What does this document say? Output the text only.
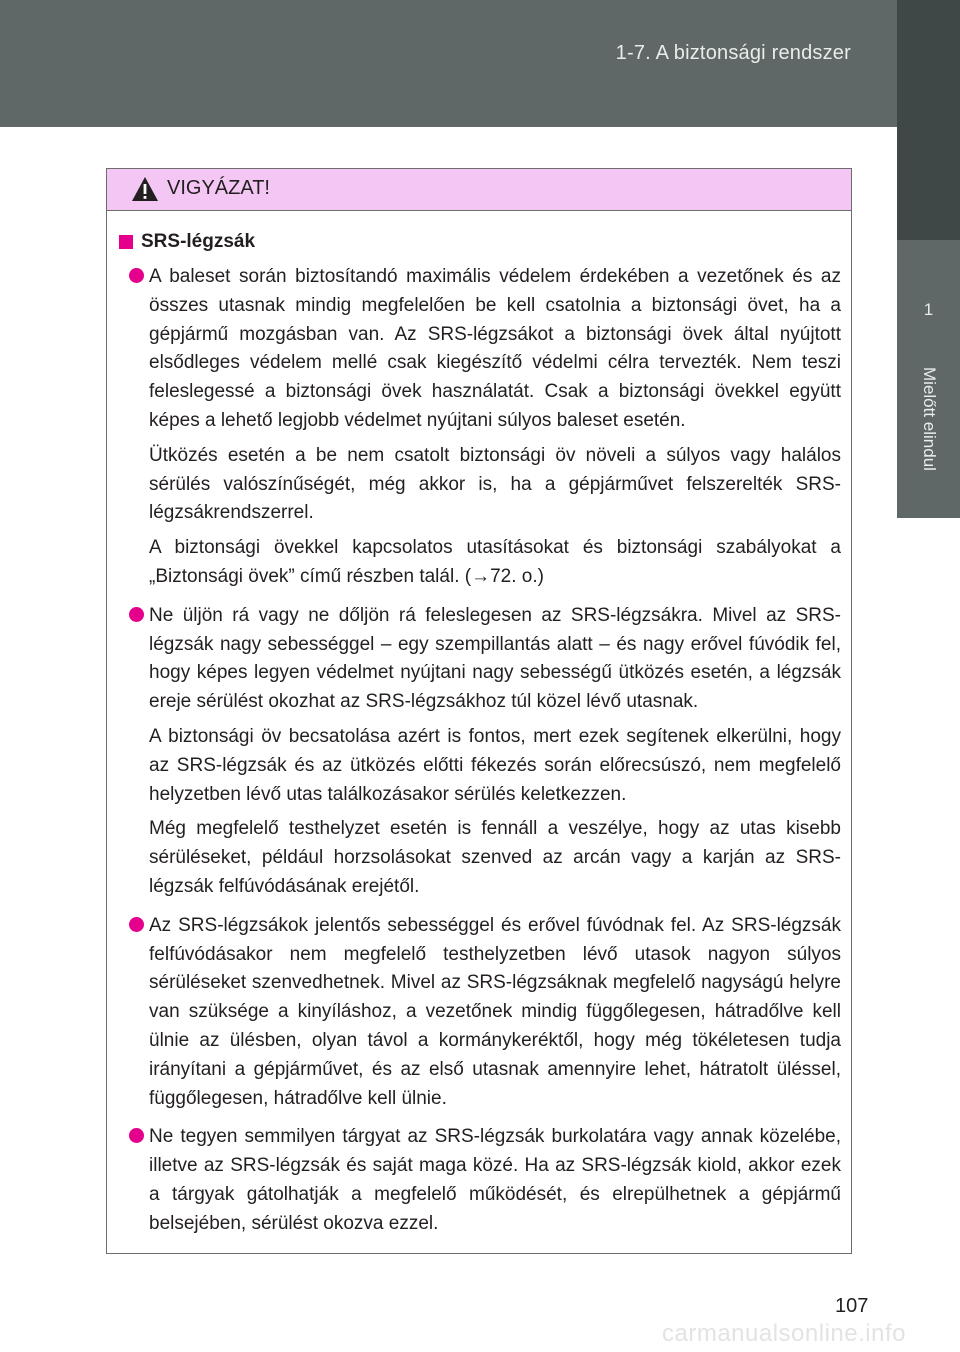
1-7. A biztonsági rendszer
1
Mielőtt elindul
VIGYÁZAT!
SRS-légzsák

A baleset során biztosítandó maximális védelem érdekében a vezetőnek és az összes utasnak mindig megfelelően be kell csatolnia a biztonsági övet, ha a gépjármű mozgásban van. Az SRS-légzsákot a biztonsági övek által nyújtott elsődleges védelem mellé csak kiegészítő védelmi célra tervezték. Nem teszi feleslegessé a biztonsági övek használatát. Csak a biztonsági övekkel együtt képes a lehető legjobb védelmet nyújtani súlyos baleset esetén.

Ütközés esetén a be nem csatolt biztonsági öv növeli a súlyos vagy halálos sérülés valószínűségét, még akkor is, ha a gépjárművet felszerelték SRS-légzsákrendszerrel.

A biztonsági övekkel kapcsolatos utasításokat és biztonsági szabályokat a „Biztonsági övek” című részben talál. (→72. o.)

Ne üljön rá vagy ne dőljön rá feleslegesen az SRS-légzsákra. Mivel az SRS-légzsák nagy sebességgel – egy szempillantás alatt – és nagy erővel fúvódik fel, hogy képes legyen védelmet nyújtani nagy sebességű ütközés esetén, a légzsák ereje sérülést okozhat az SRS-légzsákhoz túl közel lévő utasnak.

A biztonsági öv becsatolása azért is fontos, mert ezek segítenek elkerülni, hogy az SRS-légzsák és az ütközés előtti fékezés során előrecsúszó, nem megfelelő helyzetben lévő utas találkozásakor sérülés keletkezzen.

Még megfelelő testhelyzet esetén is fennáll a veszélye, hogy az utas kisebb sérüléseket, például horzsolásokat szenved az arcán vagy a karján az SRS-légzsák felfúvódásának erejétől.

Az SRS-légzsákok jelentős sebességgel és erővel fúvódnak fel. Az SRS-légzsák felfúvódásakor nem megfelelő testhelyzetben lévő utasok nagyon súlyos sérüléseket szenvedhetnek. Mivel az SRS-légzsáknak megfelelő nagyságú helyre van szüksége a kinyíláshoz, a vezetőnek mindig függőlegesen, hátradőlve kell ülnie az ülésben, olyan távol a kormánykeréktől, hogy még tökéletesen tudja irányítani a gépjárművet, és az első utasnak amennyire lehet, hátratolt üléssel, függőlegesen, hátradőlve kell ülnie.

Ne tegyen semmilyen tárgyat az SRS-légzsák burkolatára vagy annak közelébe, illetve az SRS-légzsák és saját maga közé. Ha az SRS-légzsák kiold, akkor ezek a tárgyak gátolhatják a megfelelő működését, és elrepülhetnek a gépjármű belsejében, sérülést okozva ezzel.

107
carmanualsonline.info
